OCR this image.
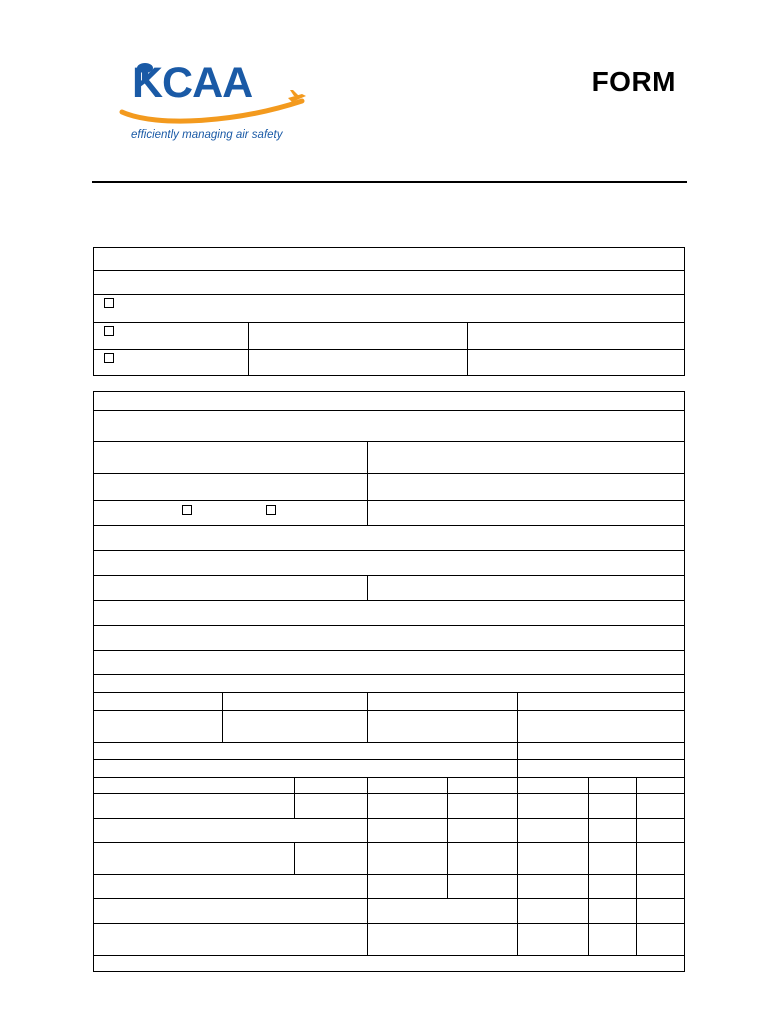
KCAA
efficiently managing air safety
FORM
